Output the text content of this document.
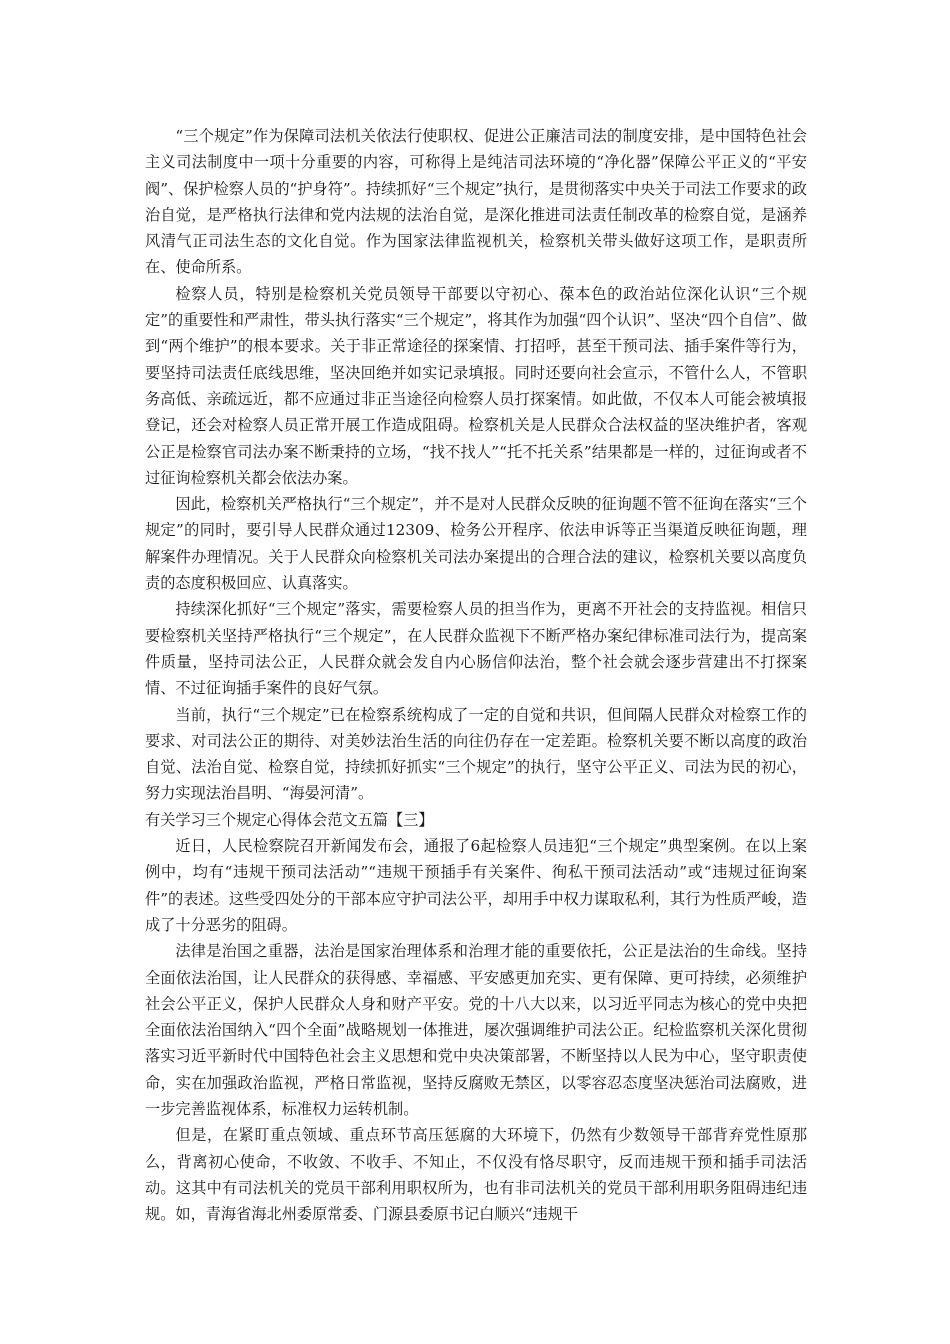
“三个规定”作为保障司法机关依法行使职权、促进公正廉洁司法的制度安排，是中国特色社会主义司法制度中一项十分重要的内容，可称得上是纯洁司法环境的“净化器”保障公平正义的“平安阀”、保护检察人员的“护身符”。持续抓好“三个规定”执行，是贯彻落实中央关于司法工作要求的政治自觉，是严格执行法律和党内法规的法治自觉，是深化推进司法责任制改革的检察自觉，是涵养风清气正司法生态的文化自觉。作为国家法律监视机关，检察机关带头做好这项工作，是职责所在、使命所系。

检察人员，特别是检察机关党员领导干部要以守初心、葆本色的政治站位深化认识“三个规定”的重要性和严肃性，带头执行落实“三个规定”，将其作为加强“四个认识”、坚决“四个自信”、做到“两个维护”的根本要求。关于非正常途径的探案情、打招呼，甚至干预司法、插手案件等行为，要坚持司法责任底线思维，坚决回绝并如实记录填报。同时还要向社会宣示，不管什么人，不管职务高低、亲疏远近，都不应通过非正当途径向检察人员打探案情。如此做，不仅本人可能会被填报登记，还会对检察人员正常开展工作造成阻碍。检察机关是人民群众合法权益的坚决维护者，客观公正是检察官司法办案不断秉持的立场，“找不找人”“托不托关系”结果都是一样的，过征询或者不过征询检察机关都会依法办案。

因此，检察机关严格执行“三个规定”，并不是对人民群众反映的征询题不管不征询在落实“三个规定”的同时，要引导人民群众通过12309、检务公开程序、依法申诉等正当渠道反映征询题，理解案件办理情况。关于人民群众向检察机关司法办案提出的合理合法的建议，检察机关要以高度负责的态度积极回应、认真落实。

持续深化抓好“三个规定”落实，需要检察人员的担当作为，更离不开社会的支持监视。相信只要检察机关坚持严格执行“三个规定”，在人民群众监视下不断严格办案纪律标准司法行为，提高案件质量，坚持司法公正，人民群众就会发自内心肠信仰法治，整个社会就会逐步营建出不打探案情、不过征询插手案件的良好气氛。

当前，执行“三个规定”已在检察系统构成了一定的自觉和共识，但间隔人民群众对检察工作的要求、对司法公正的期待、对美妙法治生活的向往仍存在一定差距。检察机关要不断以高度的政治自觉、法治自觉、检察自觉，持续抓好抓实“三个规定”的执行，坚守公平正义、司法为民的初心，努力实现法治昌明、“海晏河清”。

有关学习三个规定心得体会范文五篇【三】

近日，人民检察院召开新闻发布会，通报了6起检察人员违犯“三个规定”典型案例。在以上案例中，均有“违规干预司法活动”“违规干预插手有关案件、徇私干预司法活动”或“违规过征询案件”的表述。这些受四处分的干部本应守护司法公平，却用手中权力谋取私利，其行为性质严峻，造成了十分恶劣的阻碍。

法律是治国之重器，法治是国家治理体系和治理才能的重要依托，公正是法治的生命线。坚持全面依法治国，让人民群众的获得感、幸福感、平安感更加充实、更有保障、更可持续，必须维护社会公平正义，保护人民群众人身和财产平安。党的十八大以来，以习近平同志为核心的党中央把全面依法治国纳入“四个全面”战略规划一体推进，屡次强调维护司法公正。纪检监察机关深化贯彻落实习近平新时代中国特色社会主义思想和党中央决策部署，不断坚持以人民为中心，坚守职责使命，实在加强政治监视，严格日常监视，坚持反腐败无禁区，以零容忍态度坚决惩治司法腐败，进一步完善监视体系，标准权力运转机制。

但是，在紧盯重点领域、重点环节高压惩腐的大环境下，仍然有少数领导干部背弃党性原那么，背离初心使命，不收敛、不收手、不知止，不仅没有恪尽职守，反而违规干预和插手司法活动。这其中有司法机关的党员干部利用职权所为，也有非司法机关的党员干部利用职务阻碍违纪违规。如，青海省海北州委原常委、门源县委原书记白顺兴“违规干
